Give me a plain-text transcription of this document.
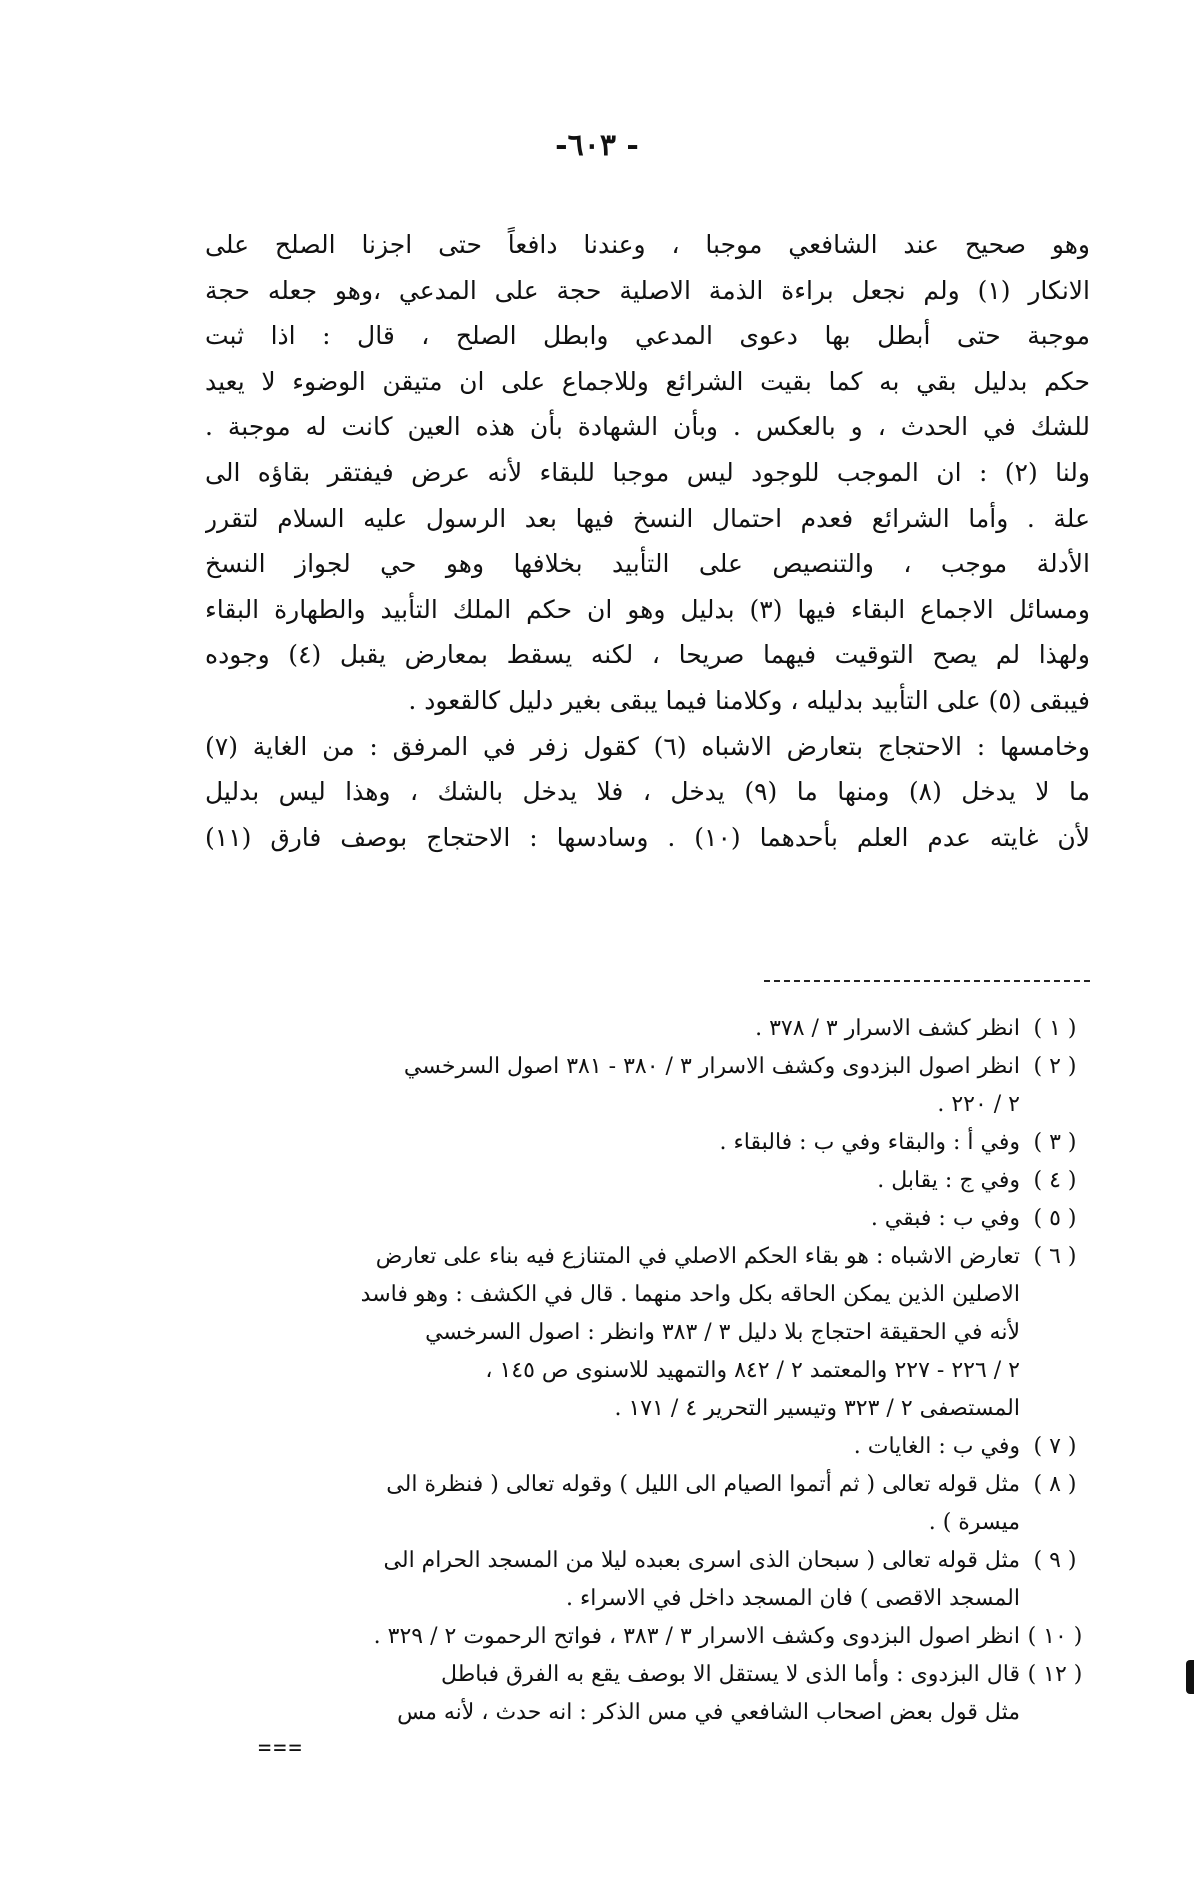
- ٦٠٣-
وهو صحيح عند الشافعي موجبا ، وعندنا دافعاً حتى اجزنا الصلح على
الانكار (١) ولم نجعل براءة الذمة الاصلية حجة على المدعي ،وهو جعله حجة
موجبة حتى أبطل بها دعوى المدعي وابطل الصلح ، قال : اذا ثبت
حكم بدليل بقي به كما بقيت الشرائع وللاجماع على ان متيقن الوضوء لا يعيد
للشك في الحدث ، و بالعكس . وبأن الشهادة بأن هذه العين كانت له موجبة .
ولنا (٢) : ان الموجب للوجود ليس موجبا للبقاء لأنه عرض فيفتقر بقاؤه الى
علة . وأما الشرائع فعدم احتمال النسخ فيها بعد الرسول عليه السلام لتقرر
الأدلة موجب ، والتنصيص على التأبيد بخلافها وهو حي لجواز النسخ
ومسائل الاجماع البقاء فيها (٣) بدليل وهو ان حكم الملك التأبيد والطهارة البقاء
ولهذا لم يصح التوقيت فيهما صريحا ، لكنه يسقط بمعارض يقبل (٤) وجوده
فيبقى (٥) على التأبيد بدليله ، وكلامنا فيما يبقى بغير دليل كالقعود .
وخامسها : الاحتجاج بتعارض الاشباه (٦) كقول زفر في المرفق : من الغاية (٧)
ما لا يدخل (٨) ومنها ما (٩) يدخل ، فلا يدخل بالشك ، وهذا ليس بدليل
لأن غايته عدم العلم بأحدهما (١٠) . وسادسها : الاحتجاج بوصف فارق (١١)
( ١ )
انظر كشف الاسرار ٣ / ٣٧٨ .
( ٢ )
انظر اصول البزدوى وكشف الاسرار ٣ / ٣٨٠ - ٣٨١ اصول السرخسي
٢ / ٢٢٠ .
( ٣ )
وفي أ : والبقاء وفي ب : فالبقاء .
( ٤ )
وفي ج : يقابل .
( ٥ )
وفي ب : فبقي .
( ٦ )
تعارض الاشباه : هو بقاء الحكم الاصلي في المتنازع فيه بناء على تعارض
الاصلين الذين يمكن الحاقه بكل واحد منهما . قال في الكشف : وهو فاسد
لأنه في الحقيقة احتجاج بلا دليل ٣ / ٣٨٣ وانظر : اصول السرخسي
٢ / ٢٢٦ - ٢٢٧ والمعتمد ٢ / ٨٤٢ والتمهيد للاسنوى ص ١٤٥ ،
المستصفى ٢ / ٣٢٣ وتيسير التحرير ٤ / ١٧١ .
( ٧ )
وفي ب : الغايات .
( ٨ )
مثل قوله تعالى ( ثم أتموا الصيام الى الليل ) وقوله تعالى ( فنظرة الى
ميسرة ) .
( ٩ )
مثل قوله تعالى ( سبحان الذى اسرى بعبده ليلا من المسجد الحرام الى
المسجد الاقصى ) فان المسجد داخل في الاسراء .
( ١٠ )
انظر اصول البزدوى وكشف الاسرار ٣ / ٣٨٣ ، فواتح الرحموت ٢ / ٣٢٩ .
( ١٢ )
قال البزدوى : وأما الذى لا يستقل الا بوصف يقع به الفرق فباطل
مثل قول بعض اصحاب الشافعي في مس الذكر : انه حدث ، لأنه مس
===
